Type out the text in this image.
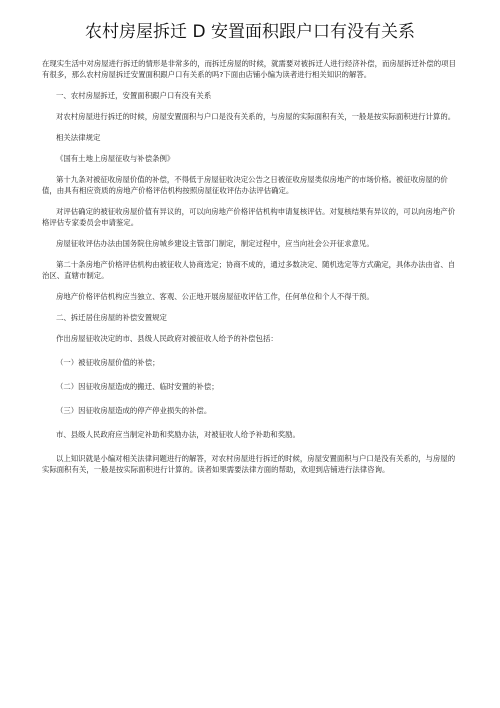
农村房屋拆迁 D 安置面积跟户口有没有关系

在现实生活中对房屋进行拆迁的情形是非常多的，而拆迁房屋的时候，就需要对被拆迁人进行经济补偿，而房屋拆迁补偿的项目有很多，那么农村房屋拆迁安置面积跟户口有关系的吗?下面由店铺小编为读者进行相关知识的解答。

一、农村房屋拆迁，安置面积跟户口有没有关系

对农村房屋进行拆迁的时候，房屋安置面积与户口是没有关系的，与房屋的实际面积有关，一般是按实际面积进行计算的。

相关法律规定

《国有土地上房屋征收与补偿条例》

第十九条对被征收房屋价值的补偿，不得低于房屋征收决定公告之日被征收房屋类似房地产的市场价格。被征收房屋的价值，由具有相应资质的房地产价格评估机构按照房屋征收评估办法评估确定。

对评估确定的被征收房屋价值有异议的，可以向房地产价格评估机构申请复核评估。对复核结果有异议的，可以向房地产价格评估专家委员会申请鉴定。

房屋征收评估办法由国务院住房城乡建设主管部门制定，制定过程中，应当向社会公开征求意见。

第二十条房地产价格评估机构由被征收人协商选定；协商不成的，通过多数决定、随机选定等方式确定，具体办法由省、自治区、直辖市制定。

房地产价格评估机构应当独立、客观、公正地开展房屋征收评估工作，任何单位和个人不得干预。

二、拆迁居住房屋的补偿安置规定

作出房屋征收决定的市、县级人民政府对被征收人给予的补偿包括：

（一）被征收房屋价值的补偿；

（二）因征收房屋造成的搬迁、临时安置的补偿；

（三）因征收房屋造成的停产停业损失的补偿。

市、县级人民政府应当制定补助和奖励办法，对被征收人给予补助和奖励。

以上知识就是小编对相关法律问题进行的解答，对农村房屋进行拆迁的时候，房屋安置面积与户口是没有关系的，与房屋的实际面积有关，一般是按实际面积进行计算的。读者如果需要法律方面的帮助，欢迎到店铺进行法律咨询。
